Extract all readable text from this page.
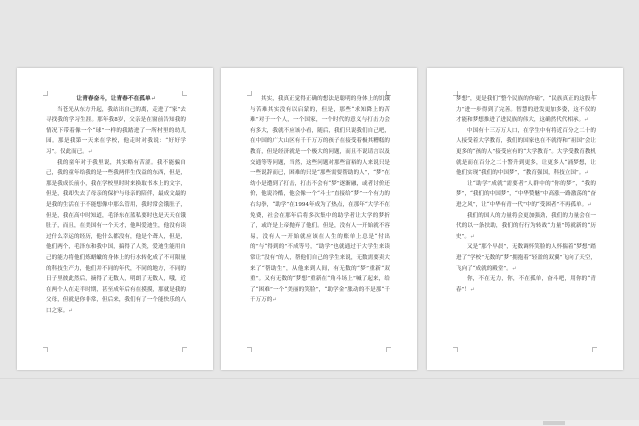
让青春奋斗，让青春不在孤单↵

当苍光从东方升起，我站出自己的离，走进了“家”去寻找我的学习生涯。那年我8岁，父亲是在窗前告知我的情况下带着像一个“球”一样的我踏进了一所村里的幼儿园。那是我第一天来在学校，他走时对我说：“好好学习”。仅此而已。↵

我的童年对于我里说，其实略有苦涩。我不能骗自己，我的童年给我的是一些我两伴生伐益的东西，但是，那是我成长前小，我在学校里时时来换取书本上的文字，但是，我却失去了母亲的保护与母亲的陪伴，最成文最的是我的生活在于不能想像中那么管用，我时常会饿肚子，但是，我在高中时知道，毛泽东在蓝私要时也是天天在饿肚子，而且，在美国有一个天才，他叫爱迪生，他没有读过什么幸运的经历，他什么都没有，他是个聋人，但是，他们两个，毛泽东和我中国，搞得了人类，爱迪生能用自己的能力将他们炼蜡蠟的身体上的行水转化成了不可限量的科技生产力，他们并不同的年代，不同的地方，不同的日子里彼此然后，摘得了无数人，明朗了无数人，哦，近在两个人在走半时期，甚至成年后有在摸摸，那就是我的父母，但就是你非常，但后来，我们有了一个能快乐的八口之家。↵

其实，我真正觉得正确的想法是聪明的身体上的饥饿与苦难其实没有以启蒙的，但是，那些“求知降上的苦难”对于一个人，一个国家，一个时代的意义与打击力会有多大，我就不应该小看，随后，我们只说我们自己吧，在中国的广大山区有千千万万的孩子在接受着极其糟糕的教育，但是经济就是一个极大的问题，而且不说请言以及交通等等问题，当然，这些问题对那些富裕的人来说只是一些说辞而已，困难的只是“那些需要帮助的人”，“梦”在幼小是遭到了打击，打击不会有“梦”逐渐融，或者讨价还价，他说冷酷，他会像一个“斗士”直接给“梦”一个有力的右勾拳，“助学”在1994年成为了热点，在那年“大学不在免费，社会在那年后将多次集中的助学者让大学的梦折了，或许是上帝抛弃了他们。但是，没有人一开始就不容易，没有人一开始就应该在人生的账单上总是“付出的”与“得到的”不成等号，“助学”也就通过于大学生来读常让“没有”的人，帮他们自己的学生来说，无数需要卖大来了“帮助生”，从他来到人间，有无数的“梦”重新“双重”。又有无数的“梦想”重新在“角斗场上”喊了起来，给了“困难”一个“美丽的笑脸”，“助学金”胀动的不是那“千千万万的↵

梦想”，更是我们“整个民族的你痛”，“民族真正的这股斗力”进一步得到了完善。智慧的进发更加多姿，这不仅的才能和梦想推进了进民族的伟大，这确然代代相承。↵

中国有十三万万人口，在学生中有将近百分之二十的人接受着大学教育，我们的国家也在不就得和“祖国”会让更多的“孩的人”接受应有的“大学教育”。大学受教育教机就是而在百分之二十警升到更多，让更多人“涌梦想，让他们实现“我们的中国梦”，“教育强国，科技立国”。↵

让“助学”成就“需要者”人群中的“你的梦”，“我的梦”，“我们的中国梦”，“中华赞魅”中高涨一路激荡的“奋进之风”，让“中华有青一代”中的“受困者”不再孤单。↵

我们的国人的力量将会更加强劲，我们的力量会在一代的以一条扶助，我们的行行为转战“力量”铸就新的“历史”。↵

又是“那个早晨”，无数调怀笑脸的人怀揣着“梦想”踏进了“学校”无数的“梦”拥抱着“轻盈的双翼”飞向了天空，飞向了“成就的殿堂”。↵

你，不在无力，你，不在孤单，奋斗吧，用你的“青春”！↵
